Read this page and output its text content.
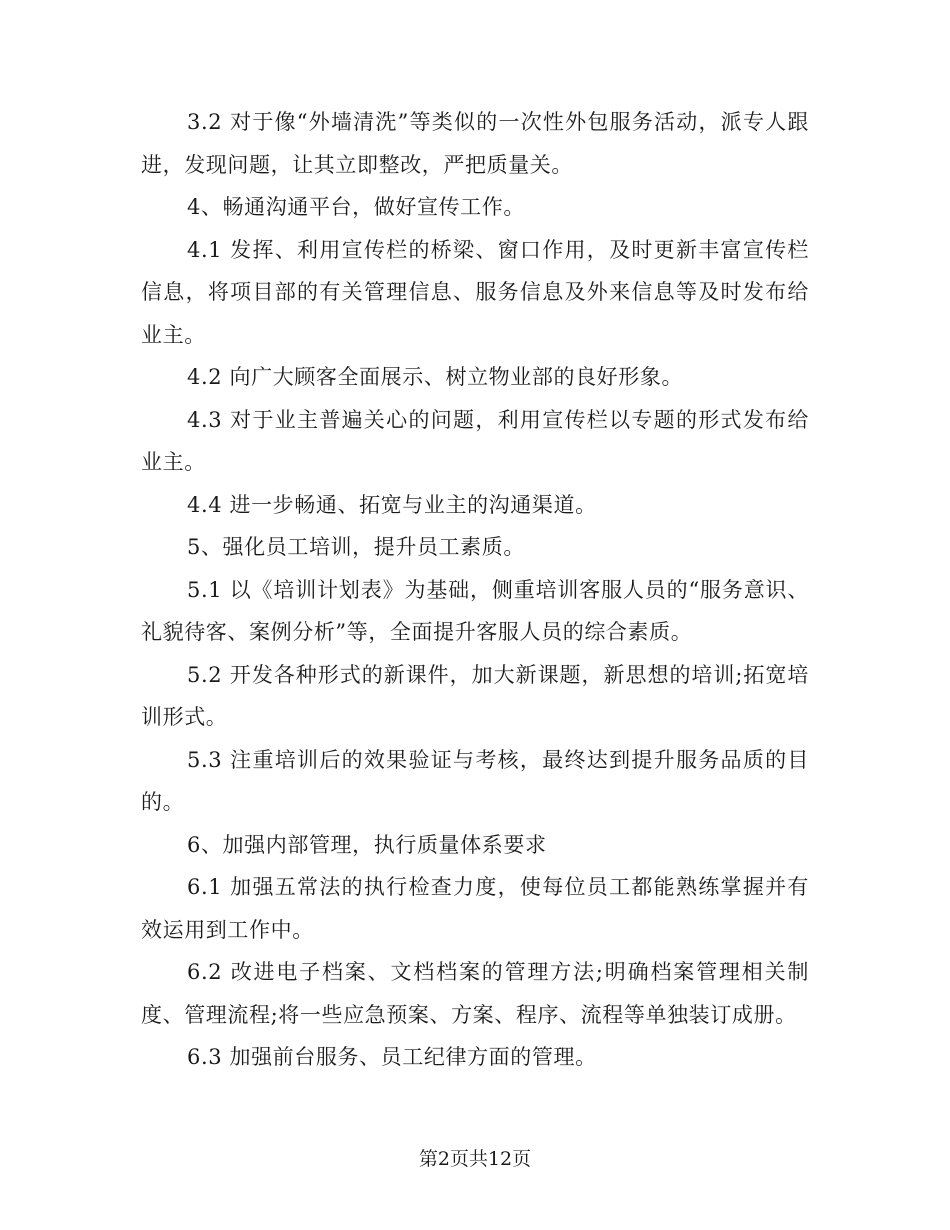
3.2 对于像“外墙清洗”等类似的一次性外包服务活动，派专人跟进，发现问题，让其立即整改，严把质量关。

4、畅通沟通平台，做好宣传工作。

4.1 发挥、利用宣传栏的桥梁、窗口作用，及时更新丰富宣传栏信息，将项目部的有关管理信息、服务信息及外来信息等及时发布给业主。

4.2 向广大顾客全面展示、树立物业部的良好形象。

4.3 对于业主普遍关心的问题，利用宣传栏以专题的形式发布给业主。

4.4 进一步畅通、拓宽与业主的沟通渠道。

5、强化员工培训，提升员工素质。

5.1 以《培训计划表》为基础，侧重培训客服人员的“服务意识、礼貌待客、案例分析”等，全面提升客服人员的综合素质。

5.2 开发各种形式的新课件，加大新课题，新思想的培训;拓宽培训形式。

5.3 注重培训后的效果验证与考核，最终达到提升服务品质的目的。

6、加强内部管理，执行质量体系要求

6.1 加强五常法的执行检查力度，使每位员工都能熟练掌握并有效运用到工作中。

6.2 改进电子档案、文档档案的管理方法;明确档案管理相关制度、管理流程;将一些应急预案、方案、程序、流程等单独装订成册。

6.3 加强前台服务、员工纪律方面的管理。

第2页共12页
